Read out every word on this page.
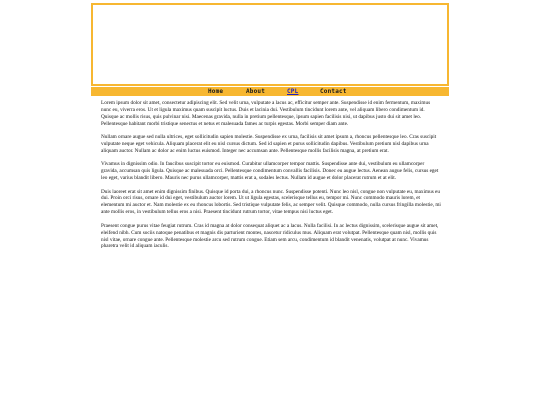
Home	About	CPL	Contact

Lorem ipsum dolor sit amet, consectetur adipiscing elit. Sed velit urna, vulputate a lacus ac, efficitur semper ante. Suspendisse id enim fermentum, maximus nunc eu, viverra eros. Ut et ligula maximus quam suscipit luctus. Duis et lacinia dui. Vestibulum tincidunt lorem ante, vel aliquam libero condimentum id. Quisque ac mollis risus, quis pulvinar nisi. Maecenas gravida, nulla in pretium pellentesque, ipsum sapien facilisis nisi, ut dapibus justo dui sit amet leo. Pellentesque habitant morbi tristique senectus et netus et malesuada fames ac turpis egestas. Morbi semper diam ante.

Nullam ornare augue sed nulla ultrices, eget sollicitudin sapien molestie. Suspendisse ex urna, facilisis sit amet ipsum a, rhoncus pellentesque leo. Cras suscipit vulputate neque eget vehicula. Aliquam placerat elit eu nisl cursus dictum. Sed id sapien et purus sollicitudin dapibus. Vestibulum pretium nisl dapibus urna aliquam auctor. Nullam ac dolor ac enim luctus euismod. Integer nec accumsan ante. Pellentesque mollis facilisis magna, at pretium erat.

Vivamus in dignissim odio. In faucibus suscipit tortor eu euismod. Curabitur ullamcorper tempor mattis. Suspendisse ante dui, vestibulum eu ullamcorper gravida, accumsan quis ligula. Quisque ac malesuada orci. Pellentesque condimentum convallis facilisis. Donec eu augue lectus. Aenean augue felis, cursus eget leo eget, varius blandit libero. Mauris nec purus ullamcorper, mattis erat a, sodales lectus. Nullam id augue et dolor placerat rutrum et at elit.

Duis laoreet erat sit amet enim dignissim finibus. Quisque id porta dui, a rhoncus nunc. Suspendisse potenti. Nunc leo nisl, congue non vulputate eu, maximus eu dui. Proin orci risus, ornare id dui eget, vestibulum auctor lorem. Ut ut ligula egestas, scelerisque tellus eu, tempor mi. Nunc commodo mauris lorem, et elementum mi auctor et. Nam molestie ex eu rhoncus lobortis. Sed tristique vulputate felis, ac semper velit. Quisque commodo, nulla cursus fringilla molestie, mi ante mollis eros, in vestibulum tellus eros a nisi. Praesent tincidunt rutrum tortor, vitae tempus nisi luctus eget.

Praesent congue purus vitae feugiat rutrum. Cras id magna at dolor consequat aliquet ac a lacus. Nulla facilisi. In ac lectus dignissim, scelerisque augue sit amet, eleifend nibh. Cum sociis natoque penatibus et magnis dis parturient montes, nascetur ridiculus mus. Aliquam erat volutpat. Pellentesque quam nisl, mollis quis nisl vitae, ornare congue ante. Pellentesque molestie arcu sed rutrum congue. Etiam sem arcu, condimentum id blandit venenatis, volutpat at nunc. Vivamus pharetra velit id aliquam iaculis.
